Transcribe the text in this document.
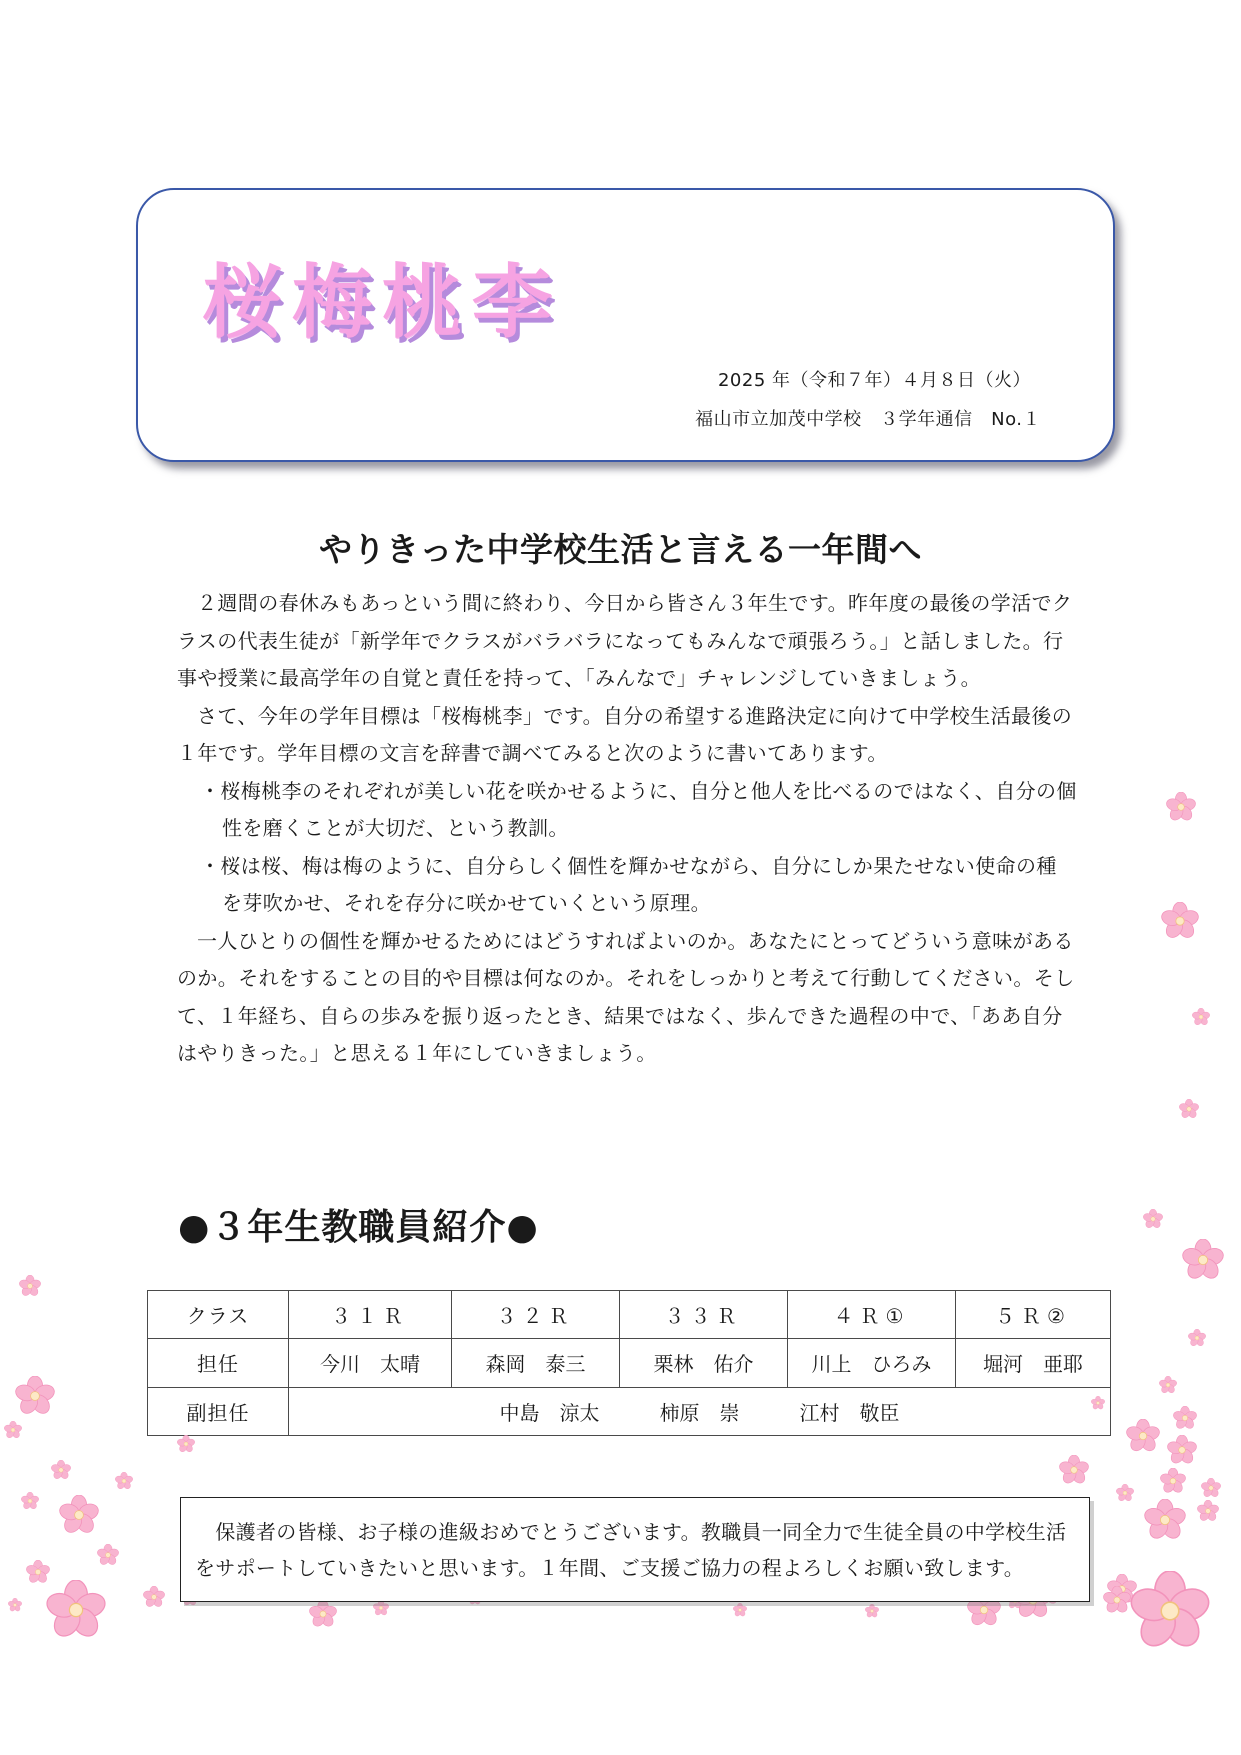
桜梅桃李
2025 年（令和７年）４月８日（火）
福山市立加茂中学校　３学年通信　No.１
やりきった中学校生活と言える一年間へ

２週間の春休みもあっという間に終わり、今日から皆さん３年生です。昨年度の最後の学活でクラスの代表生徒が「新学年でクラスがバラバラになってもみんなで頑張ろう。」と話しました。行事や授業に最高学年の自覚と責任を持って、「みんなで」チャレンジしていきましょう。

さて、今年の学年目標は「桜梅桃李」です。自分の希望する進路決定に向けて中学校生活最後の１年です。学年目標の文言を辞書で調べてみると次のように書いてあります。

・桜梅桃李のそれぞれが美しい花を咲かせるように、自分と他人を比べるのではなく、自分の個性を磨くことが大切だ、という教訓。

・桜は桜、梅は梅のように、自分らしく個性を輝かせながら、自分にしか果たせない使命の種を芽吹かせ、それを存分に咲かせていくという原理。

一人ひとりの個性を輝かせるためにはどうすればよいのか。あなたにとってどういう意味があるのか。それをすることの目的や目標は何なのか。それをしっかりと考えて行動してください。そして、１年経ち、自らの歩みを振り返ったとき、結果ではなく、歩んできた過程の中で、「ああ自分はやりきった。」と思える１年にしていきましょう。

●３年生教職員紹介●
クラス	３１Ｒ	３２Ｒ	３３Ｒ	４Ｒ①	５Ｒ②
担任	今川　太晴	森岡　泰三	栗林　佑介	川上　ひろみ	堀河　亜耶
副担任	中島　涼太　　　柿原　崇　　　江村　敬臣				
　保護者の皆様、お子様の進級おめでとうございます。教職員一同全力で生徒全員の中学校生活をサポートしていきたいと思います。１年間、ご支援ご協力の程よろしくお願い致します。
